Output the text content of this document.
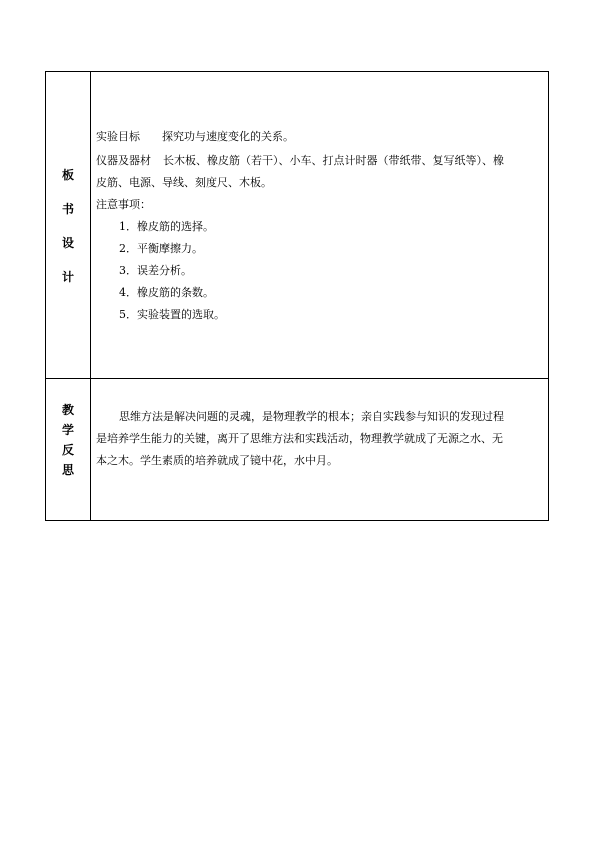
板
书
设
计
实验目标 探究功与速度变化的关系。
仪器及器材 长木板、橡皮筋（若干）、小车、打点计时器（带纸带、复写纸等）、橡
皮筋、电源、导线、刻度尺、木板。
注意事项：
1．橡皮筋的选择。
2．平衡摩擦力。
3．误差分析。
4．橡皮筋的条数。
5．实验装置的选取。
教
学
反
思
思维方法是解决问题的灵魂，是物理教学的根本；亲自实践参与知识的发现过程
是培养学生能力的关键，离开了思维方法和实践活动，物理教学就成了无源之水、无
本之木。学生素质的培养就成了镜中花，水中月。
